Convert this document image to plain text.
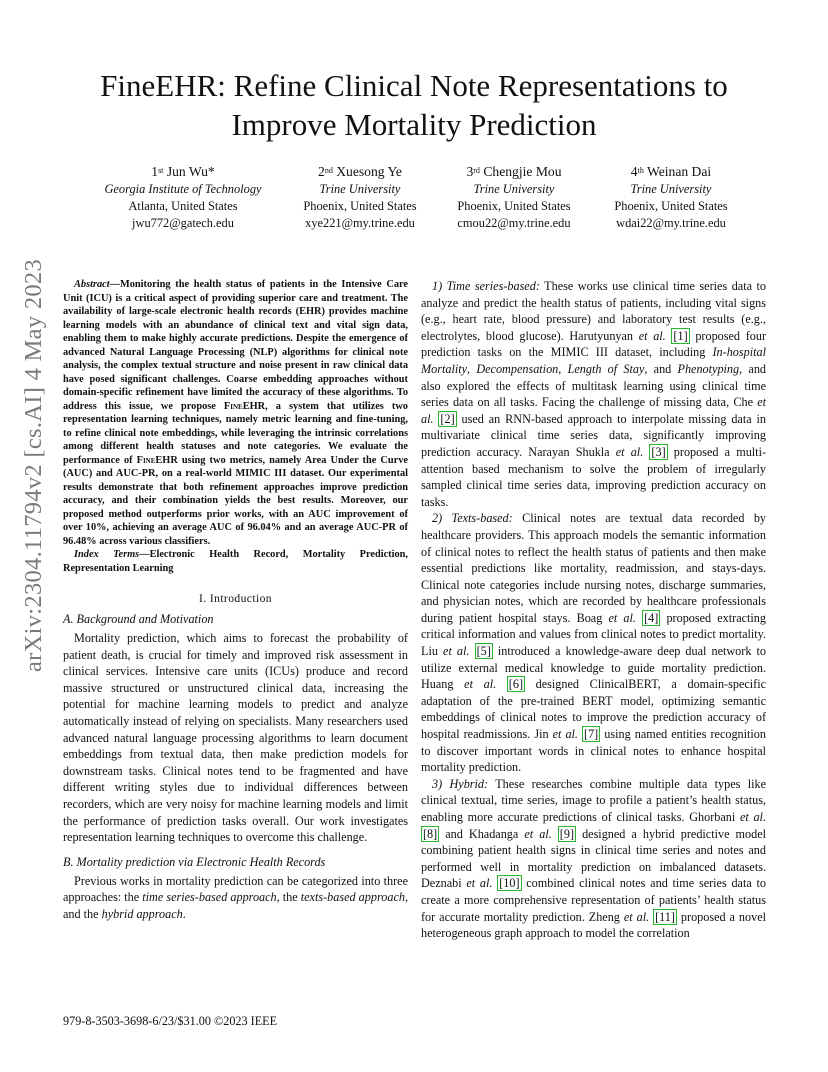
arXiv:2304.11794v2 [cs.AI] 4 May 2023
FineEHR: Refine Clinical Note Representations to
Improve Mortality Prediction
1st Jun Wu*
Georgia Institute of Technology
Atlanta, United States
jwu772@gatech.edu
2nd Xuesong Ye
Trine University
Phoenix, United States
xye221@my.trine.edu
3rd Chengjie Mou
Trine University
Phoenix, United States
cmou22@my.trine.edu
4th Weinan Dai
Trine University
Phoenix, United States
wdai22@my.trine.edu

Abstract—Monitoring the health status of patients in the Intensive Care Unit (ICU) is a critical aspect of providing superior care and treatment. The availability of large-scale electronic health records (EHR) provides machine learning models with an abundance of clinical text and vital sign data, enabling them to make highly accurate predictions. Despite the emergence of advanced Natural Language Processing (NLP) algorithms for clinical note analysis, the complex textual structure and noise present in raw clinical data have posed significant challenges. Coarse embedding approaches without domain-specific refinement have limited the accuracy of these algorithms. To address this issue, we propose FineEHR, a system that utilizes two representation learning techniques, namely metric learning and fine-tuning, to refine clinical note embeddings, while leveraging the intrinsic correlations among different health statuses and note categories. We evaluate the performance of FineEHR using two metrics, namely Area Under the Curve (AUC) and AUC-PR, on a real-world MIMIC III dataset. Our experimental results demonstrate that both refinement approaches improve prediction accuracy, and their combination yields the best results. Moreover, our proposed method outperforms prior works, with an AUC improvement of over 10%, achieving an average AUC of 96.04% and an average AUC-PR of 96.48% across various classifiers.

Index Terms—Electronic Health Record, Mortality Prediction, Representation Learning

I. Introduction
A. Background and Motivation

Mortality prediction, which aims to forecast the probability of patient death, is crucial for timely and improved risk assessment in clinical services. Intensive care units (ICUs) produce and record massive structured or unstructured clinical data, increasing the potential for machine learning models to predict and analyze automatically instead of relying on specialists. Many researchers used advanced natural language processing algorithms to learn document embeddings from textual data, then make prediction models for downstream tasks. Clinical notes tend to be fragmented and have different writing styles due to individual differences between recorders, which are very noisy for machine learning models and limit the performance of prediction tasks overall. Our work investigates representation learning techniques to overcome this challenge.

B. Mortality prediction via Electronic Health Records

Previous works in mortality prediction can be categorized into three approaches: the time series-based approach, the texts-based approach, and the hybrid approach.

1) Time series-based: These works use clinical time series data to analyze and predict the health status of patients, including vital signs (e.g., heart rate, blood pressure) and laboratory test results (e.g., electrolytes, blood glucose). Harutyunyan et al. [1] proposed four prediction tasks on the MIMIC III dataset, including In-hospital Mortality, Decompensation, Length of Stay, and Phenotyping, and also explored the effects of multitask learning using clinical time series data on all tasks. Facing the challenge of missing data, Che et al. [2] used an RNN-based approach to interpolate missing data in multivariate clinical time series data, significantly improving prediction accuracy. Narayan Shukla et al. [3] proposed a multi-attention based mechanism to solve the problem of irregularly sampled clinical time series data, improving prediction accuracy on tasks.

2) Texts-based: Clinical notes are textual data recorded by healthcare providers. This approach models the semantic information of clinical notes to reflect the health status of patients and then make essential predictions like mortality, readmission, and stays-days. Clinical note categories include nursing notes, discharge summaries, and physician notes, which are recorded by healthcare professionals during patient hospital stays. Boag et al. [4] proposed extracting critical information and values from clinical notes to predict mortality. Liu et al. [5] introduced a knowledge-aware deep dual network to utilize external medical knowledge to guide mortality prediction. Huang et al. [6] designed ClinicalBERT, a domain-specific adaptation of the pre-trained BERT model, optimizing semantic embeddings of clinical notes to improve the prediction accuracy of hospital readmissions. Jin et al. [7] using named entities recognition to discover important words in clinical notes to enhance hospital mortality prediction.

3) Hybrid: These researches combine multiple data types like clinical textual, time series, image to profile a patient’s health status, enabling more accurate predictions of clinical tasks. Ghorbani et al. [8] and Khadanga et al. [9] designed a hybrid predictive model combining patient health signs in clinical time series and notes and performed well in mortality prediction on imbalanced datasets. Deznabi et al. [10] combined clinical notes and time series data to create a more comprehensive representation of patients’ health status for accurate mortality prediction. Zheng et al. [11] proposed a novel heterogeneous graph approach to model the correlation

979-8-3503-3698-6/23/$31.00 ©2023 IEEE
